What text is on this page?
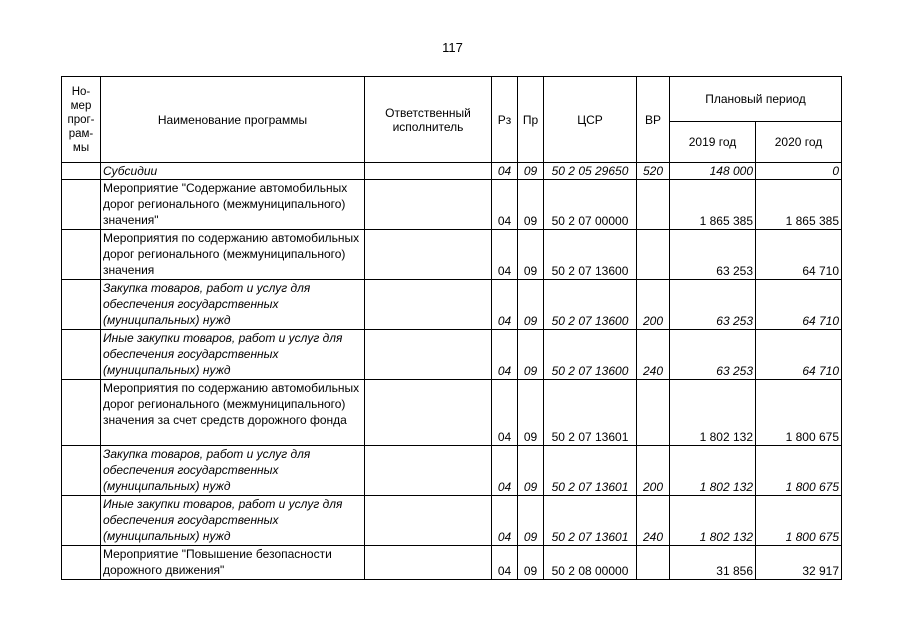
117
Но-мер прог-рам-мы	Наименование программы	Ответственный исполнитель	Рз	Пр	ЦСР	ВР	Плановый период	
							2019 год	2020 год
	Субсидии		04	09	50 2 05 29650	520	148 000	0
	Мероприятие "Содержание автомобильных дорог регионального (межмуниципального) значения"		04	09	50 2 07 00000		1 865 385	1 865 385
	Мероприятия по содержанию автомобильных дорог регионального (межмуниципального) значения		04	09	50 2 07 13600		63 253	64 710
	Закупка товаров, работ и услуг для обеспечения государственных (муниципальных) нужд		04	09	50 2 07 13600	200	63 253	64 710
	Иные закупки товаров, работ и услуг для обеспечения государственных (муниципальных) нужд		04	09	50 2 07 13600	240	63 253	64 710
	Мероприятия по содержанию автомобильных дорог регионального (межмуниципального) значения за счет средств дорожного фонда		04	09	50 2 07 13601		1 802 132	1 800 675
	Закупка товаров, работ и услуг для обеспечения государственных (муниципальных) нужд		04	09	50 2 07 13601	200	1 802 132	1 800 675
	Иные закупки товаров, работ и услуг для обеспечения государственных (муниципальных) нужд		04	09	50 2 07 13601	240	1 802 132	1 800 675
	Мероприятие "Повышение безопасности дорожного движения"		04	09	50 2 08 00000		31 856	32 917
